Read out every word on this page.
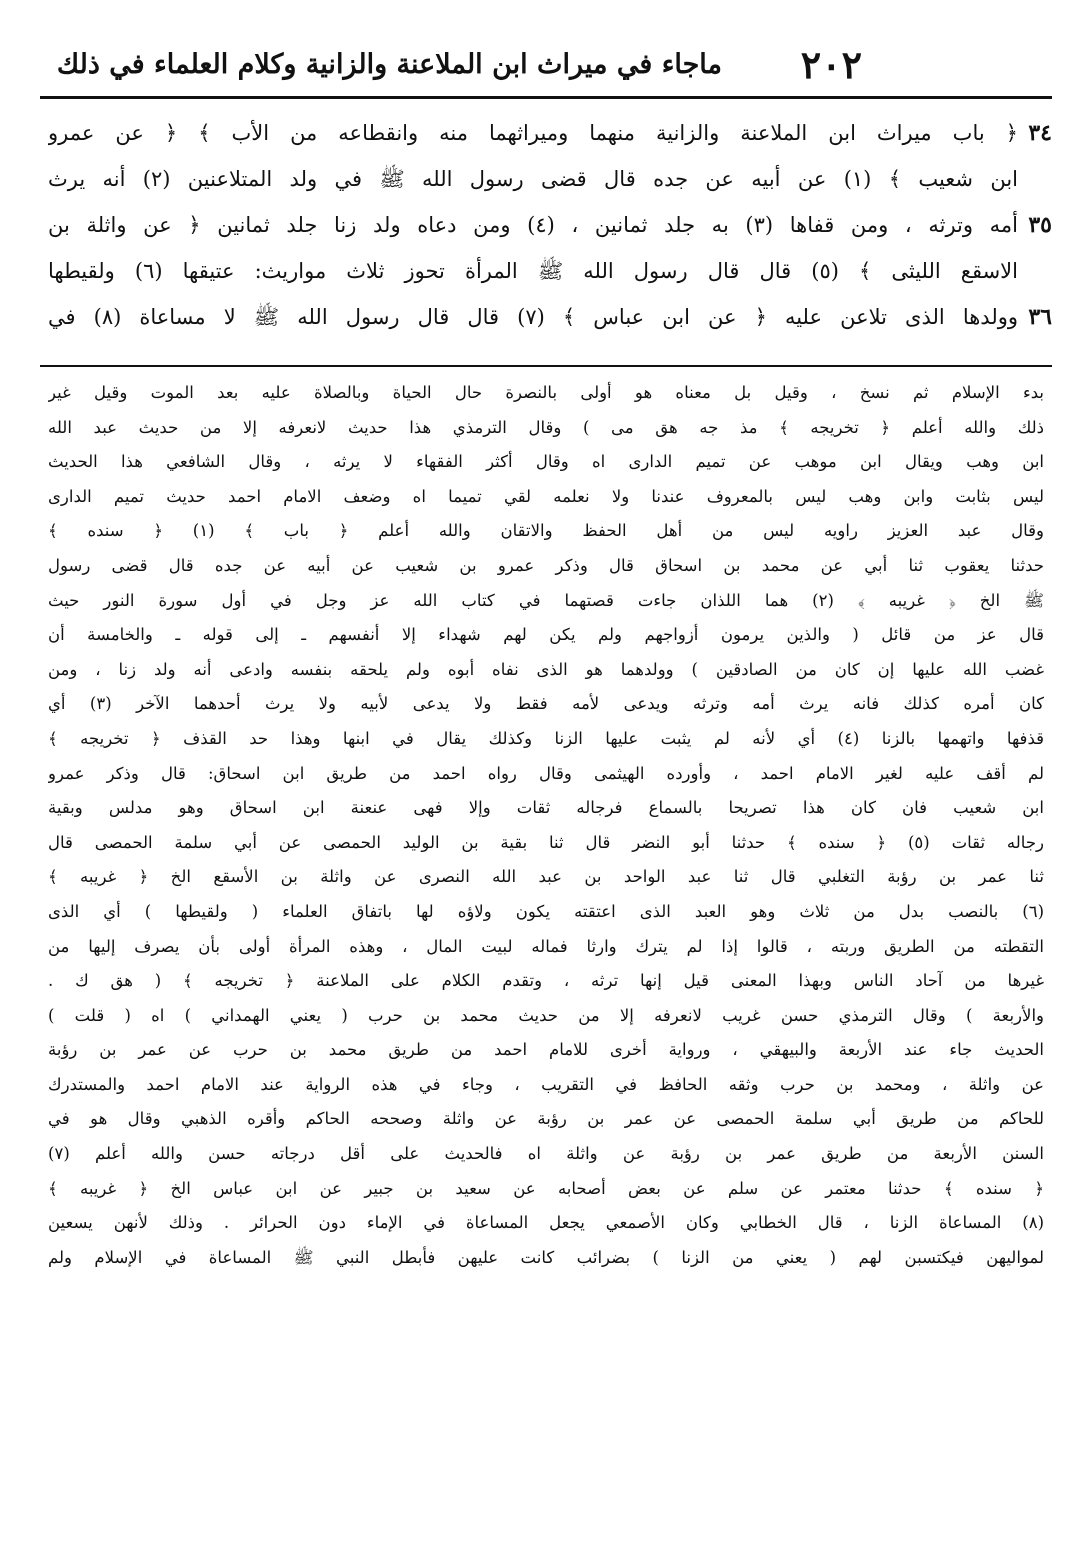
٢٠٢
ماجاء في ميراث ابن الملاعنة والزانية وكلام العلماء في ذلك
٣٤
٣٥
٣٦
﴿ باب ميراث ابن الملاعنة والزانية منهما وميراثهما منه وانقطاعه من الأب ﴾ ﴿ عن عمرو
ابن شعيب ﴾ (١) عن أبيه عن جده قال قضى رسول الله ﷺ في ولد المتلاعنين (٢) أنه يرث
أمه وترثه ، ومن قفاها (٣) به جلد ثمانين ، (٤) ومن دعاه ولد زنا جلد ثمانين ﴿ عن واثلة بن
الاسقع الليثى ﴾ (٥) قال قال رسول الله ﷺ المرأة تحوز ثلاث مواريث: عتيقها (٦) ولقيطها
وولدها الذى تلاعن عليه ﴿ عن ابن عباس ﴾ (٧) قال قال رسول الله ﷺ لا مساعاة (٨) في
بدء الإسلام ثم نسخ ، وقيل بل معناه هو أولى بالنصرة حال الحياة وبالصلاة عليه بعد الموت وقيل غير
ذلك والله أعلم ﴿ تخريجه ﴾ مذ جه هق مى ) وقال الترمذي هذا حديث لانعرفه إلا من حديث عبد الله
ابن وهب ويقال ابن موهب عن تميم الدارى اه وقال أكثر الفقهاء لا يرثه ، وقال الشافعي هذا الحديث
ليس بثابت وابن وهب ليس بالمعروف عندنا ولا نعلمه لقي تميما اه وضعف الامام احمد حديث تميم الدارى
وقال عبد العزيز راويه ليس من أهل الحفظ والاتقان والله أعلم ﴿ باب ﴾ (١) ﴿ سنده ﴾
حدثنا يعقوب ثنا أبي عن محمد بن اسحاق قال وذكر عمرو بن شعيب عن أبيه عن جده قال قضى رسول
ﷺ الخ ﴿ غريبه ﴾ (٢) هما اللذان جاءت قصتهما في كتاب الله عز وجل في أول سورة النور حيث
قال عز من قائل ( والذين يرمون أزواجهم ولم يكن لهم شهداء إلا أنفسهم ـ إلى قوله ـ والخامسة أن
غضب الله عليها إن كان من الصادقين ) وولدهما هو الذى نفاه أبوه ولم يلحقه بنفسه وادعى أنه ولد زنا ، ومن
كان أمره كذلك فانه يرث أمه وترثه ويدعى لأمه فقط ولا يدعى لأبيه ولا يرث أحدهما الآخر (٣) أي
قذفها واتهمها بالزنا (٤) أي لأنه لم يثبت عليها الزنا وكذلك يقال في ابنها وهذا حد القذف ﴿ تخريجه ﴾
لم أقف عليه لغير الامام احمد ، وأورده الهيثمى وقال رواه احمد من طريق ابن اسحاق: قال وذكر عمرو
ابن شعيب فان كان هذا تصريحا بالسماع فرجاله ثقات وإلا فهى عنعنة ابن اسحاق وهو مدلس وبقية
رجاله ثقات (٥) ﴿ سنده ﴾ حدثنا أبو النضر قال ثنا بقية بن الوليد الحمصى عن أبي سلمة الحمصى قال
ثنا عمر بن رؤبة التغلبي قال ثنا عبد الواحد بن عبد الله النصرى عن واثلة بن الأسقع الخ ﴿ غريبه ﴾
(٦) بالنصب بدل من ثلاث وهو العبد الذى اعتقته يكون ولاؤه لها باتفاق العلماء ( ولقيطها ) أي الذى
التقطته من الطريق وربته ، قالوا إذا لم يترك وارثا فماله لبيت المال ، وهذه المرأة أولى بأن يصرف إليها من
غيرها من آحاد الناس وبهذا المعنى قيل إنها ترثه ، وتقدم الكلام على الملاعنة ﴿ تخريجه ﴾ ( هق ك .
والأربعة ) وقال الترمذي حسن غريب لانعرفه إلا من حديث محمد بن حرب ( يعني الهمداني ) اه ( قلت )
الحديث جاء عند الأربعة والبيهقي ، ورواية أخرى للامام احمد من طريق محمد بن حرب عن عمر بن رؤبة
عن واثلة ، ومحمد بن حرب وثقه الحافظ في التقريب ، وجاء في هذه الرواية عند الامام احمد والمستدرك
للحاكم من طريق أبي سلمة الحمصى عن عمر بن رؤبة عن واثلة وصححه الحاكم وأقره الذهبي وقال هو في
السنن الأربعة من طريق عمر بن رؤبة عن واثلة اه فالحديث على أقل درجاته حسن والله أعلم (٧)
﴿ سنده ﴾ حدثنا معتمر عن سلم عن بعض أصحابه عن سعيد بن جبير عن ابن عباس الخ ﴿ غريبه ﴾
(٨) المساعاة الزنا ، قال الخطابي وكان الأصمعي يجعل المساعاة في الإماء دون الحرائر . وذلك لأنهن يسعين
لمواليهن فيكتسبن لهم ( يعني من الزنا ) بضرائب كانت عليهن فأبطل النبي ﷺ المساعاة في الإسلام ولم
